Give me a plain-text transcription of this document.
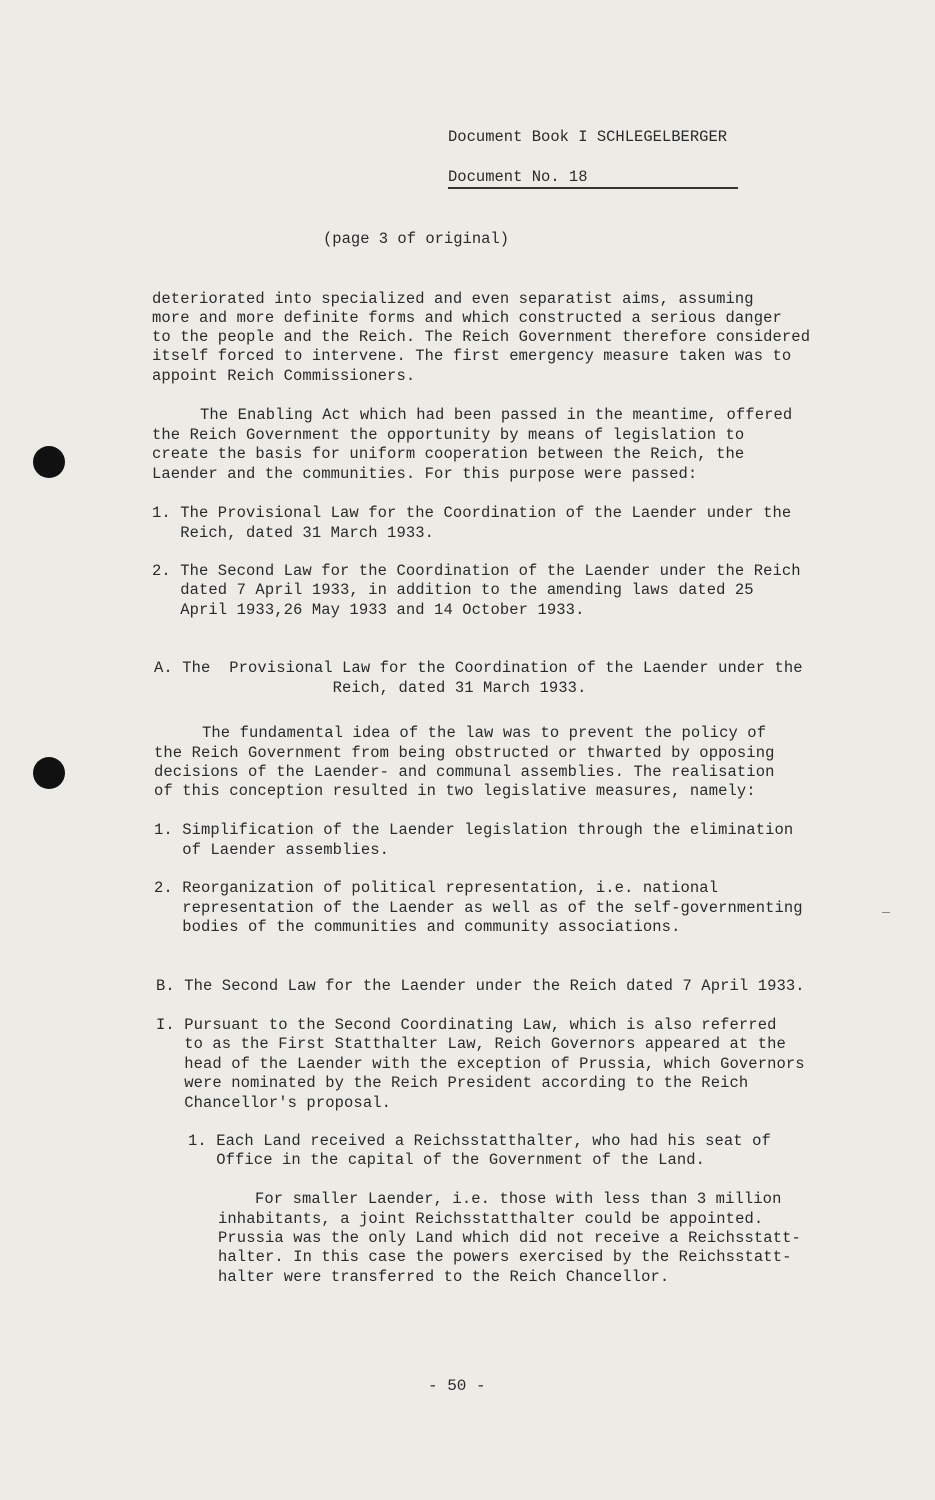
Document Book I SCHLEGELBERGER
Document No. 18
(page 3 of original)
deteriorated into specialized and even separatist aims, assuming
more and more definite forms and which constructed a serious danger
to the people and the Reich. The Reich Government therefore considered
itself forced to intervene. The first emergency measure taken was to
appoint Reich Commissioners.
The Enabling Act which had been passed in the meantime, offered
the Reich Government the opportunity by means of legislation to
create the basis for uniform cooperation between the Reich, the
Laender and the communities. For this purpose were passed:
1. The Provisional Law for the Coordination of the Laender under the
Reich, dated 31 March 1933.
2. The Second Law for the Coordination of the Laender under the Reich
dated 7 April 1933, in addition to the amending laws dated 25
April 1933,26 May 1933 and 14 October 1933.
A. The  Provisional Law for the Coordination of the Laender under the
Reich, dated 31 March 1933.
The fundamental idea of the law was to prevent the policy of
the Reich Government from being obstructed or thwarted by opposing
decisions of the Laender- and communal assemblies. The realisation
of this conception resulted in two legislative measures, namely:
1. Simplification of the Laender legislation through the elimination
of Laender assemblies.
2. Reorganization of political representation, i.e. national
representation of the Laender as well as of the self-governmenting
bodies of the communities and community associations.
B. The Second Law for the Laender under the Reich dated 7 April 1933.
I. Pursuant to the Second Coordinating Law, which is also referred
to as the First Statthalter Law, Reich Governors appeared at the
head of the Laender with the exception of Prussia, which Governors
were nominated by the Reich President according to the Reich
Chancellor's proposal.
1. Each Land received a Reichsstatthalter, who had his seat of
Office in the capital of the Government of the Land.
For smaller Laender, i.e. those with less than 3 million
inhabitants, a joint Reichsstatthalter could be appointed.
Prussia was the only Land which did not receive a Reichsstatt-
halter. In this case the powers exercised by the Reichsstatt-
halter were transferred to the Reich Chancellor.
- 50 -
